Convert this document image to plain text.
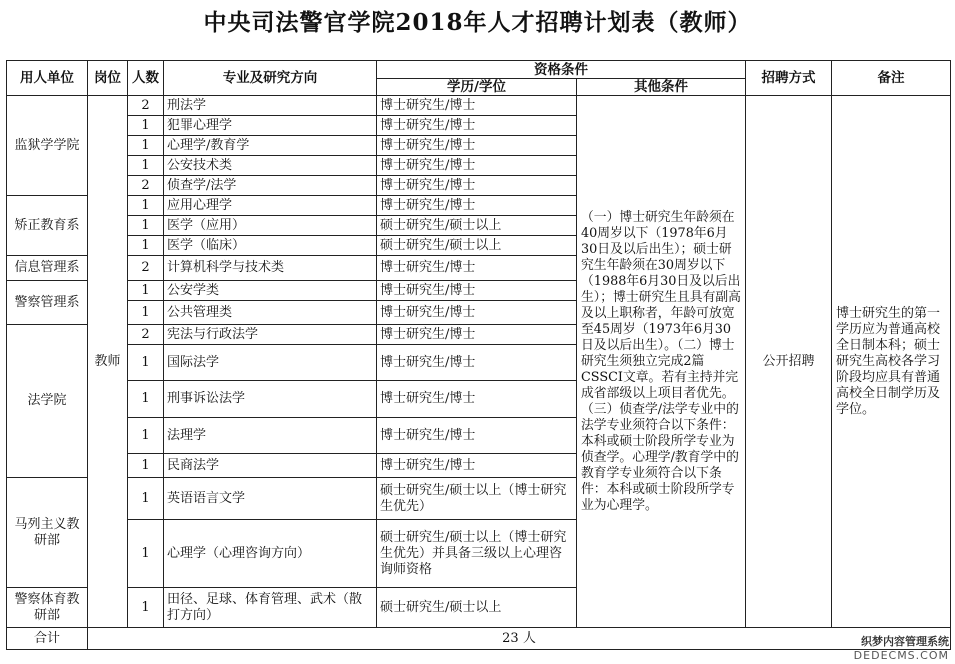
中央司法警官学院2018年人才招聘计划表（教师）
用人单位	岗位	人数	专业及研究方向	资格条件		招聘方式	备注
				学历/学位	其他条件		
监狱学学院	教师	2	刑法学	博士研究生/博士	（一）博士研究生年龄须在40周岁以下（1978年6月30日及以后出生）；硕士研究生年龄须在30周岁以下（1988年6月30日及以后出生）；博士研究生且具有副高及以上职称者，年龄可放宽至45周岁（1973年6月30日及以后出生）。（二）博士研究生须独立完成2篇CSSCI文章。若有主持并完成省部级以上项目者优先。（三）侦查学/法学专业中的法学专业须符合以下条件：本科或硕士阶段所学专业为侦查学。心理学/教育学中的教育学专业须符合以下条件：本科或硕士阶段所学专业为心理学。	公开招聘	博士研究生的第一学历应为普通高校全日制本科；硕士研究生高校各学习阶段均应具有普通高校全日制学历及学位。
		1	犯罪心理学	博士研究生/博士			
		1	心理学/教育学	博士研究生/博士			
		1	公安技术类	博士研究生/博士			
		2	侦查学/法学	博士研究生/博士			
矫正教育系		1	应用心理学	博士研究生/博士			
		1	医学（应用）	硕士研究生/硕士以上			
		1	医学（临床）	硕士研究生/硕士以上			
信息管理系		2	计算机科学与技术类	博士研究生/博士			
警察管理系		1	公安学类	博士研究生/博士			
		1	公共管理类	博士研究生/博士			
法学院		2	宪法与行政法学	博士研究生/博士			
		1	国际法学	博士研究生/博士			
		1	刑事诉讼法学	博士研究生/博士			
		1	法理学	博士研究生/博士			
		1	民商法学	博士研究生/博士			
马列主义教研部		1	英语语言文学	硕士研究生/硕士以上（博士研究生优先）			
		1	心理学（心理咨询方向）	硕士研究生/硕士以上（博士研究生优先）并具备三级以上心理咨询师资格			
警察体育教研部		1	田径、足球、体育管理、武术（散打方向）	硕士研究生/硕士以上			
合计	23 人							织梦内容管理系统
DEDECMS.COM
